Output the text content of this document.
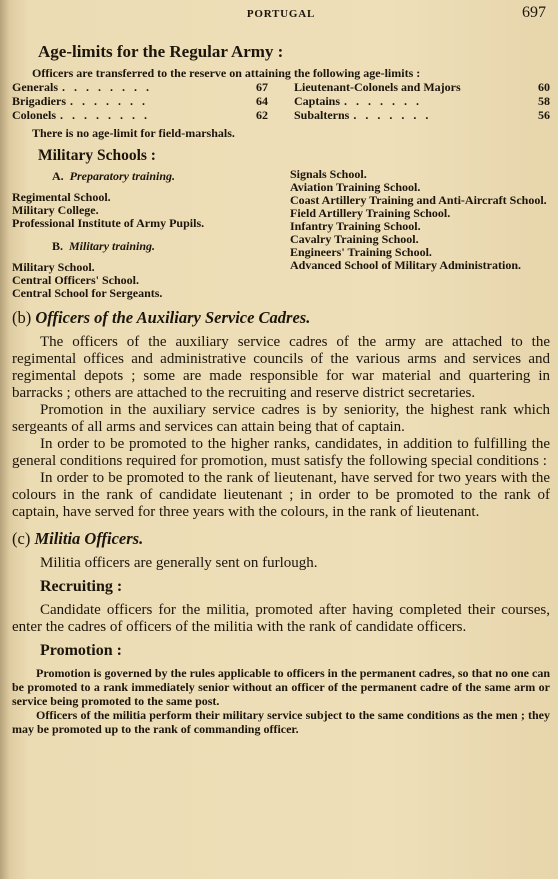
PORTUGAL	697
Age-limits for the Regular Army :
Officers are transferred to the reserve on attaining the following age-limits :
Generals . . . . . . . .	67
Brigadiers . . . . . . .	64
Colonels . . . . . . . .	62
Lieutenant-Colonels and Majors	60
Captains . . . . . . .	58
Subalterns . . . . . . .	56
There is no age-limit for field-marshals.
Military Schools :
A. Preparatory training.
Regimental School.
Military College.
Professional Institute of Army Pupils.
B. Military training.
Military School.
Central Officers' School.
Central School for Sergeants.
Signals School.
Aviation Training School.
Coast Artillery Training and Anti-Aircraft School.
Field Artillery Training School.
Infantry Training School.
Cavalry Training School.
Engineers' Training School.
Advanced School of Military Administration.
(b) Officers of the Auxiliary Service Cadres.

The officers of the auxiliary service cadres of the army are attached to the regimental offices and administrative councils of the various arms and services and regimental depots ; some are made responsible for war material and quartering in barracks ; others are attached to the recruiting and reserve district secretaries.

Promotion in the auxiliary service cadres is by seniority, the highest rank which sergeants of all arms and services can attain being that of captain.

In order to be promoted to the higher ranks, candidates, in addition to fulfilling the general conditions required for promotion, must satisfy the following special conditions :

In order to be promoted to the rank of lieutenant, have served for two years with the colours in the rank of candidate lieutenant ; in order to be promoted to the rank of captain, have served for three years with the colours, in the rank of lieutenant.

(c) Militia Officers.

Militia officers are generally sent on furlough.

Recruiting :

Candidate officers for the militia, promoted after having completed their courses, enter the cadres of officers of the militia with the rank of candidate officers.

Promotion :

Promotion is governed by the rules applicable to officers in the permanent cadres, so that no one can be promoted to a rank immediately senior without an officer of the permanent cadre of the same arm or service being promoted to the same post.

Officers of the militia perform their military service subject to the same conditions as the men ; they may be promoted up to the rank of commanding officer.
